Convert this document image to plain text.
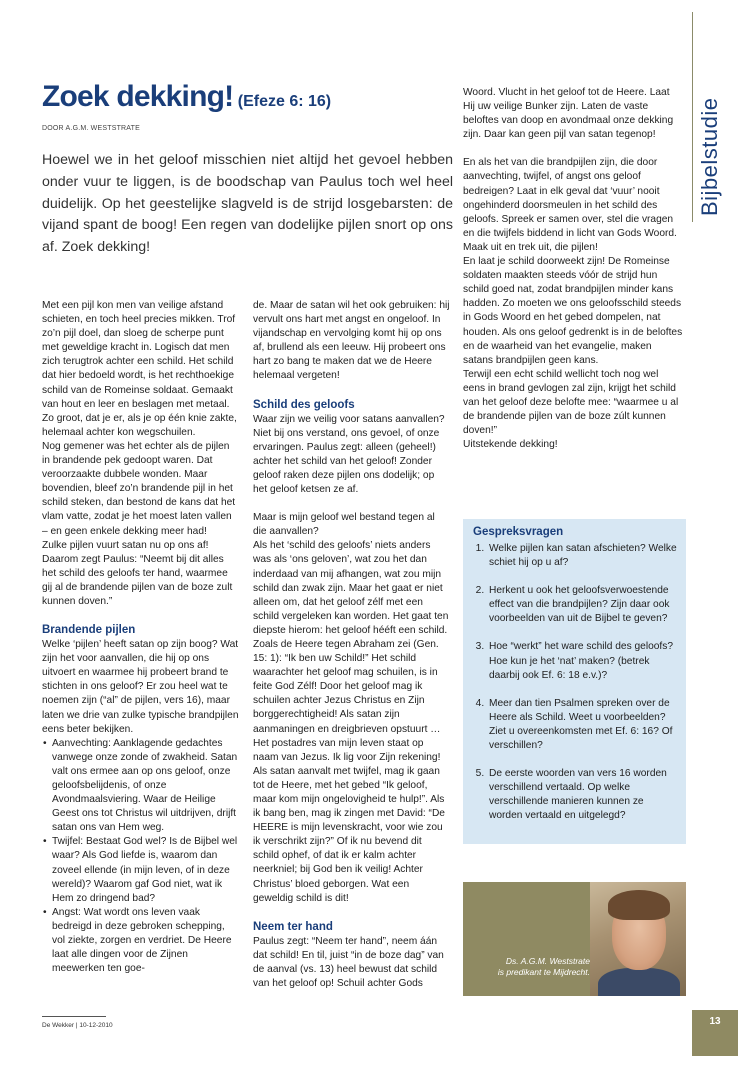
Zoek dekking! (Efeze 6: 16)
DOOR A.G.M. WESTSTRATE

Hoewel we in het geloof misschien niet altijd het gevoel hebben onder vuur te liggen, is de boodschap van Paulus toch wel heel duidelijk. Op het geestelijke slagveld is de strijd losgebarsten: de vijand spant de boog! Een regen van dodelijke pijlen snort op ons af. Zoek dekking!

Bijbelstudie

Met een pijl kon men van veilige afstand schieten, en toch heel precies mikken. Trof zo’n pijl doel, dan sloeg de scherpe punt met geweldige kracht in. Logisch dat men zich terugtrok achter een schild. Het schild dat hier bedoeld wordt, is het rechthoekige schild van de Romeinse soldaat. Gemaakt van hout en leer en beslagen met metaal. Zo groot, dat je er, als je op één knie zakte, helemaal achter kon wegschuilen.

Nog gemener was het echter als de pijlen in brandende pek gedoopt waren. Dat veroorzaakte dubbele wonden. Maar bovendien, bleef zo’n brandende pijl in het schild steken, dan bestond de kans dat het vlam vatte, zodat je het moest laten vallen – en geen enkele dekking meer had!

Zulke pijlen vuurt satan nu op ons af! Daarom zegt Paulus: “Neemt bij dit alles het schild des geloofs ter hand, waarmee gij al de brandende pijlen van de boze zult kunnen doven.”

Brandende pijlen

Welke ‘pijlen’ heeft satan op zijn boog? Wat zijn het voor aanvallen, die hij op ons uitvoert en waarmee hij probeert brand te stichten in ons geloof? Er zou heel wat te noemen zijn (“al” de pijlen, vers 16), maar laten we drie van zulke typische brandpijlen eens beter bekijken.

• Aanvechting: Aanklagende gedachtes vanwege onze zonde of zwakheid. Satan valt ons ermee aan op ons geloof, onze geloofsbelijdenis, of onze Avondmaalsviering. Waar de Heilige Geest ons tot Christus wil uitdrijven, drijft satan ons van Hem weg.
• Twijfel: Bestaat God wel? Is de Bijbel wel waar? Als God liefde is, waarom dan zoveel ellende (in mijn leven, of in deze wereld)? Waarom gaf God niet, wat ik Hem zo dringend bad?
• Angst: Wat wordt ons leven vaak bedreigd in deze gebroken schepping, vol ziekte, zorgen en verdriet. De Heere laat alle dingen voor de Zijnen meewerken ten goe-

de. Maar de satan wil het ook gebruiken: hij vervult ons hart met angst en ongeloof. In vijandschap en vervolging komt hij op ons af, brullend als een leeuw. Hij probeert ons hart zo bang te maken dat we de Heere helemaal vergeten!

Schild des geloofs

Waar zijn we veilig voor satans aanvallen? Niet bij ons verstand, ons gevoel, of onze ervaringen. Paulus zegt: alleen (geheel!) achter het schild van het geloof! Zonder geloof raken deze pijlen ons dodelijk; op het geloof ketsen ze af.

Maar is mijn geloof wel bestand tegen al die aanvallen?

Als het ‘schild des geloofs’ niets anders was als ‘ons geloven’, wat zou het dan inderdaad van mij afhangen, wat zou mijn schild dan zwak zijn. Maar het gaat er niet alleen om, dat het geloof zélf met een schild vergeleken kan worden. Het gaat ten diepste hierom: het geloof hééft een schild. Zoals de Heere tegen Abraham zei (Gen. 15: 1): “Ik ben uw Schild!” Het schild waarachter het geloof mag schuilen, is in feite God Zélf! Door het geloof mag ik schuilen achter Jezus Christus en Zijn borggerechtigheid! Als satan zijn aanmaningen en dreigbrieven opstuurt … Het postadres van mijn leven staat op naam van Jezus. Ik lig voor Zijn rekening! Als satan aanvalt met twijfel, mag ik gaan tot de Heere, met het gebed “Ik geloof, maar kom mijn ongelovigheid te hulp!”. Als ik bang ben, mag ik zingen met David: “De HEERE is mijn levenskracht, voor wie zou ik verschrikt zijn?” Of ik nu bevend dit schild ophef, of dat ik er kalm achter neerkniel; bij God ben ik veilig! Achter Christus’ bloed geborgen. Wat een geweldig schild is dit!

Neem ter hand

Paulus zegt: “Neem ter hand”, neem áán dat schild! En til, juist “in de boze dag” van de aanval (vs. 13) heel bewust dat schild van het geloof op! Schuil achter Gods

Woord. Vlucht in het geloof tot de Heere. Laat Hij uw veilige Bunker zijn. Laten de vaste beloftes van doop en avondmaal onze dekking zijn. Daar kan geen pijl van satan tegenop!

En als het van die brandpijlen zijn, die door aanvechting, twijfel, of angst ons geloof bedreigen? Laat in elk geval dat ‘vuur’ nooit ongehinderd doorsmeulen in het schild des geloofs. Spreek er samen over, stel die vragen en die twijfels biddend in licht van Gods Woord. Maak uit en trek uit, die pijlen!

En laat je schild doorweekt zijn! De Romeinse soldaten maakten steeds vóór de strijd hun schild goed nat, zodat brandpijlen minder kans hadden. Zo moeten we ons geloofsschild steeds in Gods Woord en het gebed dompelen, nat houden. Als ons geloof gedrenkt is in de beloftes en de waarheid van het evangelie, maken satans brandpijlen geen kans.

Terwijl een echt schild wellicht toch nog wel eens in brand gevlogen zal zijn, krijgt het schild van het geloof deze belofte mee: “waarmee u al de brandende pijlen van de boze zúlt kunnen doven!”

Uitstekende dekking!

Gespreksvragen
1. Welke pijlen kan satan afschieten? Welke schiet hij op u af?
2. Herkent u ook het geloofsverwoestende effect van die brandpijlen? Zijn daar ook voorbeelden van uit de Bijbel te geven?
3. Hoe “werkt” het ware schild des geloofs? Hoe kun je het ‘nat’ maken? (betrek daarbij ook Ef. 6: 18 e.v.)?
4. Meer dan tien Psalmen spreken over de Heere als Schild. Weet u voorbeelden? Ziet u overeenkomsten met Ef. 6: 16? Of verschillen?
5. De eerste woorden van vers 16 worden verschillend vertaald. Op welke verschillende manieren kunnen ze worden vertaald en uitgelegd?
Ds. A.G.M. Weststrate
is predikant te Mijdrecht.
De Wekker | 10-12-2010	13
